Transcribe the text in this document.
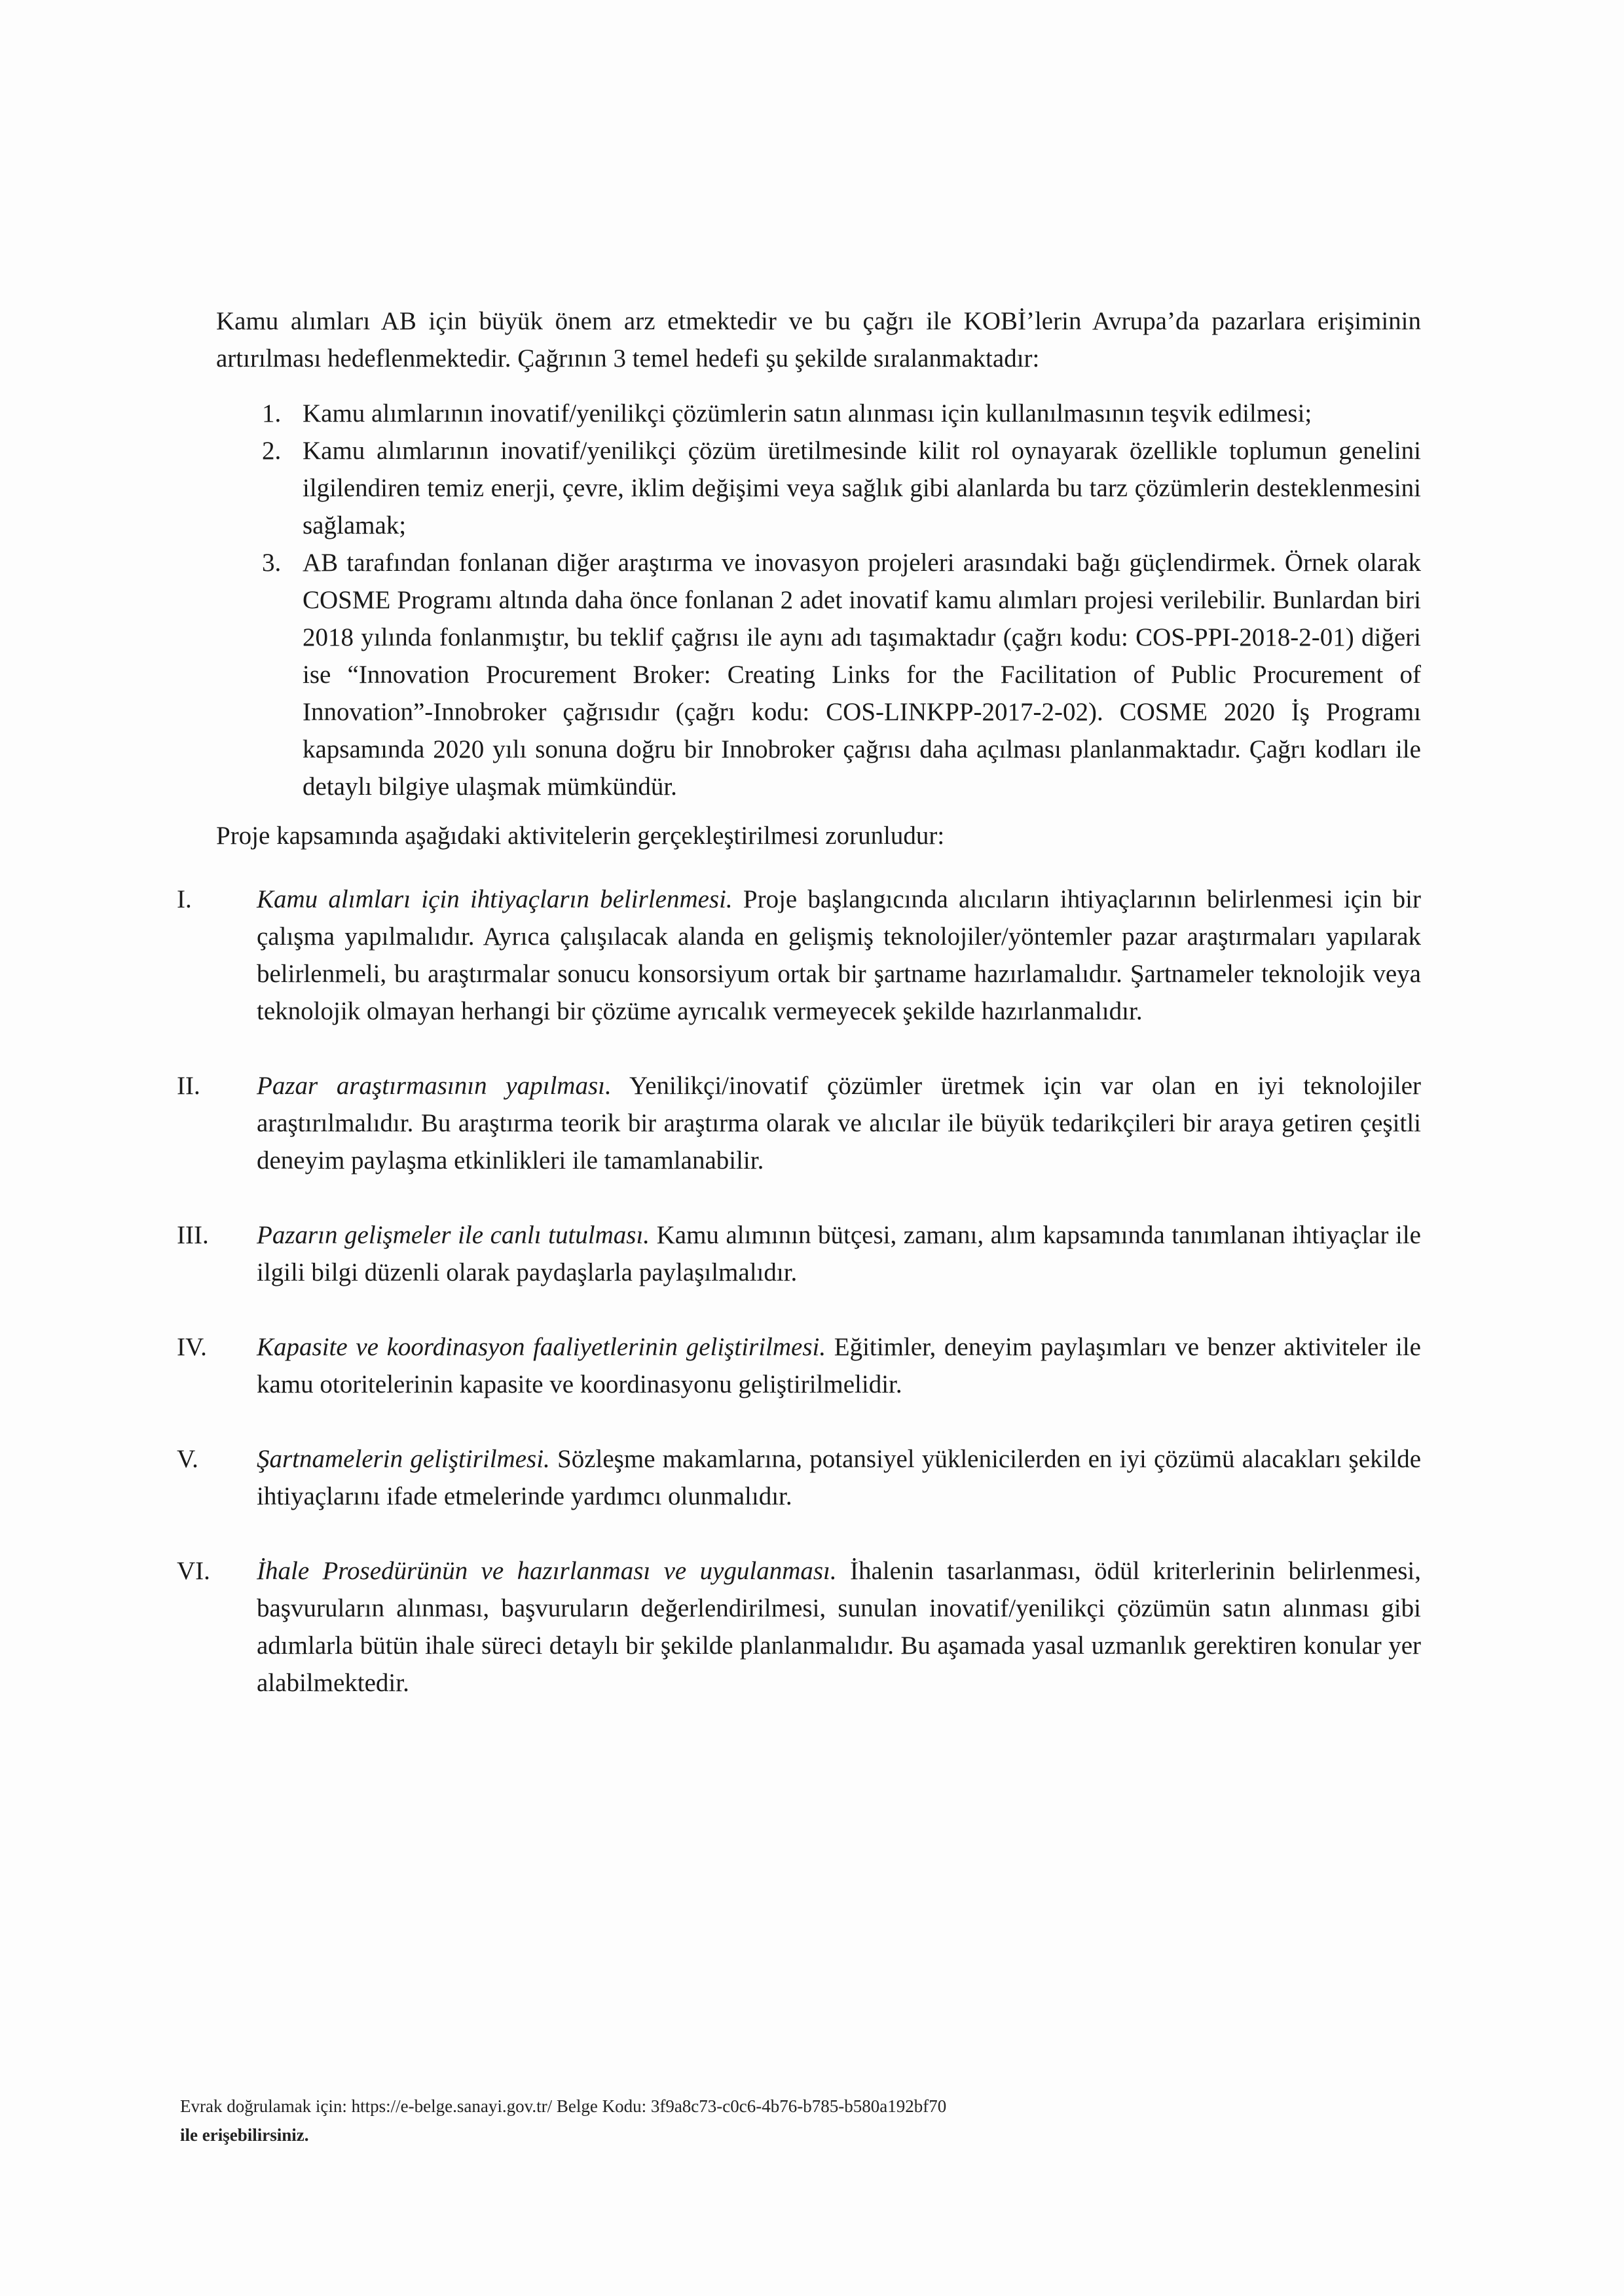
Kamu alımları AB için büyük önem arz etmektedir ve bu çağrı ile KOBİ’lerin Avrupa’da pazarlara erişiminin artırılması hedeflenmektedir. Çağrının 3 temel hedefi şu şekilde sıralanmaktadır:

1. Kamu alımlarının inovatif/yenilikçi çözümlerin satın alınması için kullanılmasının teşvik edilmesi;
2. Kamu alımlarının inovatif/yenilikçi çözüm üretilmesinde kilit rol oynayarak özellikle toplumun genelini ilgilendiren temiz enerji, çevre, iklim değişimi veya sağlık gibi alanlarda bu tarz çözümlerin desteklenmesini sağlamak;
3. AB tarafından fonlanan diğer araştırma ve inovasyon projeleri arasındaki bağı güçlendirmek. Örnek olarak COSME Programı altında daha önce fonlanan 2 adet inovatif kamu alımları projesi verilebilir. Bunlardan biri 2018 yılında fonlanmıştır, bu teklif çağrısı ile aynı adı taşımaktadır (çağrı kodu: COS-PPI-2018-2-01) diğeri ise “Innovation Procurement Broker: Creating Links for the Facilitation of Public Procurement of Innovation”-Innobroker çağrısıdır (çağrı kodu: COS-LINKPP-2017-2-02). COSME 2020 İş Programı kapsamında 2020 yılı sonuna doğru bir Innobroker çağrısı daha açılması planlanmaktadır. Çağrı kodları ile detaylı bilgiye ulaşmak mümkündür.

Proje kapsamında aşağıdaki aktivitelerin gerçekleştirilmesi zorunludur:

I.	Kamu alımları için ihtiyaçların belirlenmesi. Proje başlangıcında alıcıların ihtiyaçlarının belirlenmesi için bir çalışma yapılmalıdır. Ayrıca çalışılacak alanda en gelişmiş teknolojiler/yöntemler pazar araştırmaları yapılarak belirlenmeli, bu araştırmalar sonucu konsorsiyum ortak bir şartname hazırlamalıdır. Şartnameler teknolojik veya teknolojik olmayan herhangi bir çözüme ayrıcalık vermeyecek şekilde hazırlanmalıdır.
II.	Pazar araştırmasının yapılması. Yenilikçi/inovatif çözümler üretmek için var olan en iyi teknolojiler araştırılmalıdır. Bu araştırma teorik bir araştırma olarak ve alıcılar ile büyük tedarikçileri bir araya getiren çeşitli deneyim paylaşma etkinlikleri ile tamamlanabilir.
III.	Pazarın gelişmeler ile canlı tutulması. Kamu alımının bütçesi, zamanı, alım kapsamında tanımlanan ihtiyaçlar ile ilgili bilgi düzenli olarak paydaşlarla paylaşılmalıdır.
IV.	Kapasite ve koordinasyon faaliyetlerinin geliştirilmesi. Eğitimler, deneyim paylaşımları ve benzer aktiviteler ile kamu otoritelerinin kapasite ve koordinasyonu geliştirilmelidir.
V.	Şartnamelerin geliştirilmesi. Sözleşme makamlarına, potansiyel yüklenicilerden en iyi çözümü alacakları şekilde ihtiyaçlarını ifade etmelerinde yardımcı olunmalıdır.
VI.	İhale Prosedürünün ve hazırlanması ve uygulanması. İhalenin tasarlanması, ödül kriterlerinin belirlenmesi, başvuruların alınması, başvuruların değerlendirilmesi, sunulan inovatif/yenilikçi çözümün satın alınması gibi adımlarla bütün ihale süreci detaylı bir şekilde planlanmalıdır. Bu aşamada yasal uzmanlık gerektiren konular yer alabilmektedir.
Evrak doğrulamak için: https://e-belge.sanayi.gov.tr/ Belge Kodu: 3f9a8c73-c0c6-4b76-b785-b580a192bf70
ile erişebilirsiniz.
